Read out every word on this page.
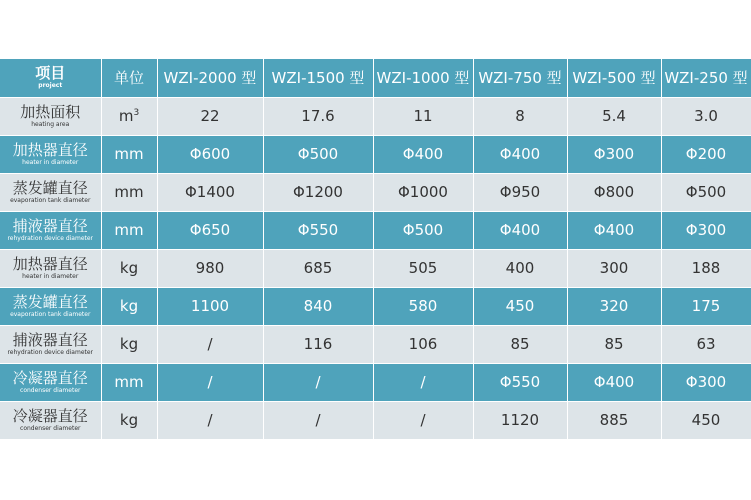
项目
project	单位	WZI-2000 型	WZI-1500 型	WZI-1000 型	WZI-750 型	WZI-500 型	WZI-250 型

加热面积
heating area	$m^3$	22	17.6	11	8	5.4	3.0

加热器直径
heater in diameter	mm	Φ600	Φ500	Φ400	Φ400	Φ300	Φ200

蒸发罐直径
evaporation tank diameter	mm	Φ1400	Φ1200	Φ1000	Φ950	Φ800	Φ500

捕液器直径
rehydration device diameter	mm	Φ650	Φ550	Φ500	Φ400	Φ400	Φ300

加热器直径
heater in diameter	kg	980	685	505	400	300	188

蒸发罐直径
evaporation tank diameter	kg	1100	840	580	450	320	175

捕液器直径
rehydration device diameter	kg	/	116	106	85	85	63

冷凝器直径
condenser diameter	mm	/	/	/	Φ550	Φ400	Φ300

冷凝器直径
condenser diameter	kg	/	/	/	1120	885	450
